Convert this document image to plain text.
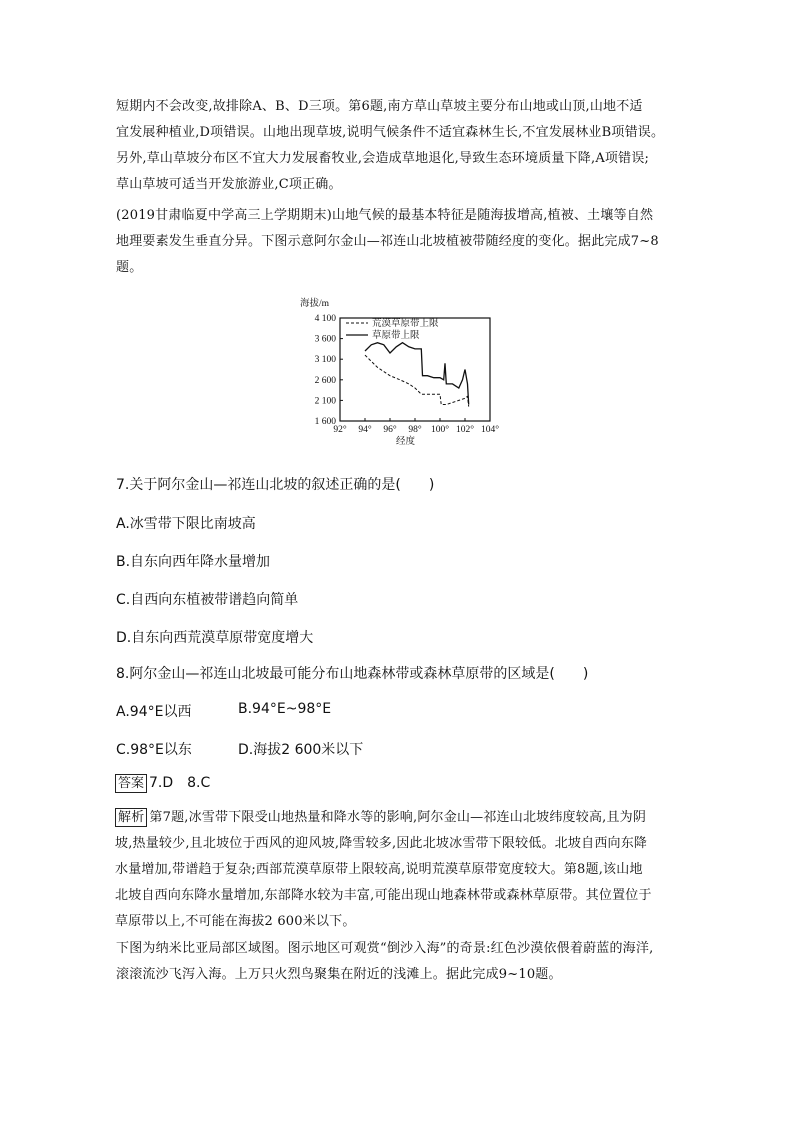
短期内不会改变,故排除A、B、D三项。第6题,南方草山草坡主要分布山地或山顶,山地不适
宜发展种植业,D项错误。山地出现草坡,说明气候条件不适宜森林生长,不宜发展林业B项错误。
另外,草山草坡分布区不宜大力发展畜牧业,会造成草地退化,导致生态环境质量下降,A项错误;
草山草坡可适当开发旅游业,C项正确。
(2019甘肃临夏中学高三上学期期末)山地气候的最基本特征是随海拔增高,植被、土壤等自然
地理要素发生垂直分异。下图示意阿尔金山—祁连山北坡植被带随经度的变化。据此完成7~8
题。
海拔/m
4 100
3 600
3 100
2 600
2 100
1 600
92° 94° 96° 98° 100° 102° 104°
荒漠草原带上限
草原带上限
经度
7.关于阿尔金山—祁连山北坡的叙述正确的是(　　)
A.冰雪带下限比南坡高
B.自东向西年降水量增加
C.自西向东植被带谱趋向简单
D.自东向西荒漠草原带宽度增大
8.阿尔金山—祁连山北坡最可能分布山地森林带或森林草原带的区域是(　　)
A.94°E以西	B.94°E~98°E
C.98°E以东	D.海拔2 600米以下
答案 7.D　8.C
解析 第7题,冰雪带下限受山地热量和降水等的影响,阿尔金山—祁连山北坡纬度较高,且为阴
坡,热量较少,且北坡位于西风的迎风坡,降雪较多,因此北坡冰雪带下限较低。北坡自西向东降
水量增加,带谱趋于复杂;西部荒漠草原带上限较高,说明荒漠草原带宽度较大。第8题,该山地
北坡自西向东降水量增加,东部降水较为丰富,可能出现山地森林带或森林草原带。其位置位于
草原带以上,不可能在海拔2 600米以下。
下图为纳米比亚局部区域图。图示地区可观赏“倒沙入海”的奇景:红色沙漠依偎着蔚蓝的海洋,
滚滚流沙飞泻入海。上万只火烈鸟聚集在附近的浅滩上。据此完成9~10题。
